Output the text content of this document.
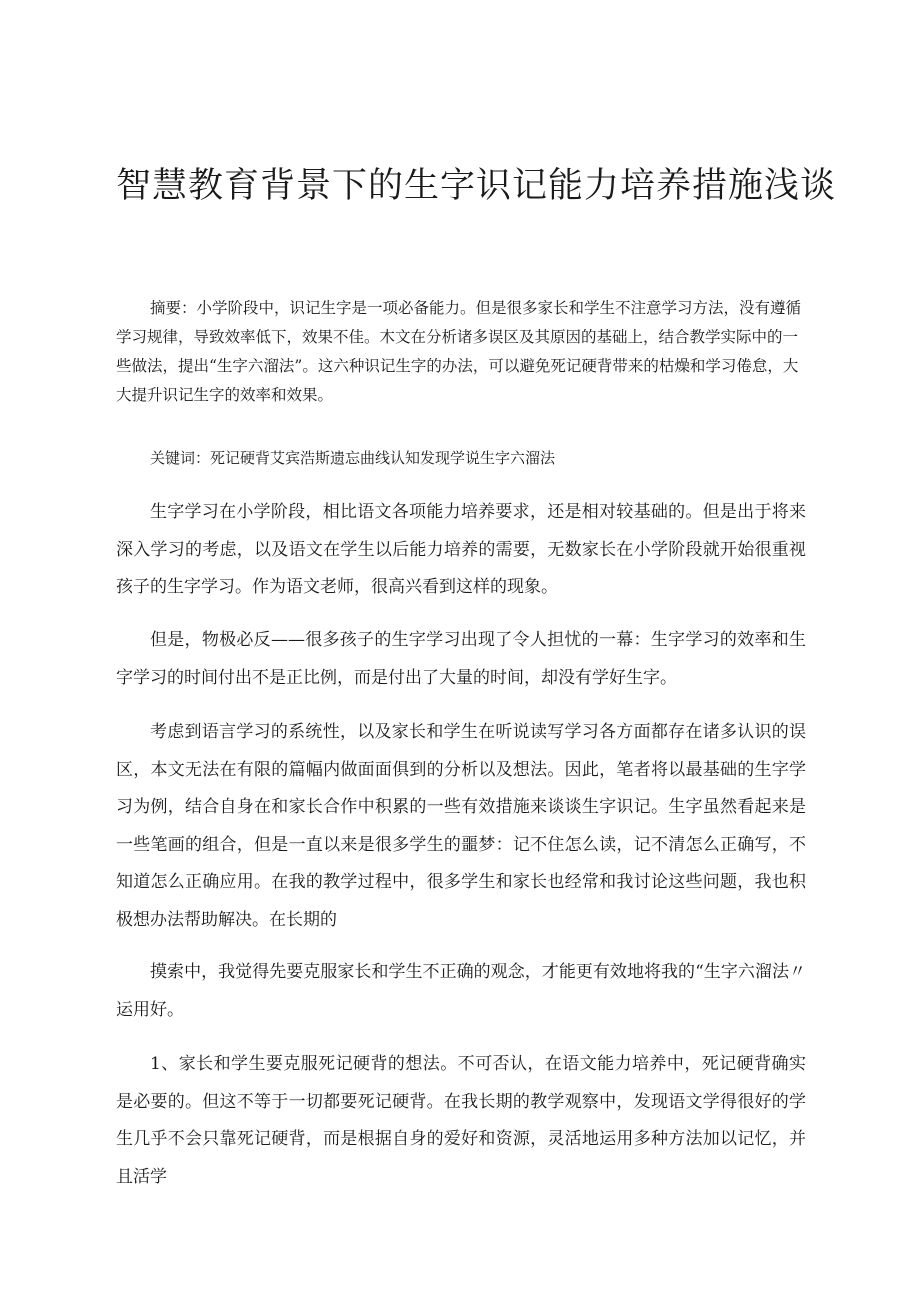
智慧教育背景下的生字识记能力培养措施浅谈

摘要：小学阶段中，识记生字是一项必备能力。但是很多家长和学生不注意学习方法，没有遵循学习规律，导致效率低下，效果不佳。木文在分析诸多误区及其原因的基础上，结合教学实际中的一些做法，提出“生字六溜法”。这六种识记生字的办法，可以避免死记硬背带来的枯燥和学习倦怠，大大提升识记生字的效率和效果。

关键词：死记硬背艾宾浩斯遗忘曲线认知发现学说生字六溜法

生字学习在小学阶段，相比语文各项能力培养要求，还是相对较基础的。但是出于将来深入学习的考虑，以及语文在学生以后能力培养的需要，无数家长在小学阶段就开始很重视孩子的生字学习。作为语文老师，很高兴看到这样的现象。

但是，物极必反——很多孩子的生字学习出现了令人担忧的一幕：生字学习的效率和生字学习的时间付出不是正比例，而是付出了大量的时间，却没有学好生字。

考虑到语言学习的系统性，以及家长和学生在听说读写学习各方面都存在诸多认识的误区，本文无法在有限的篇幅内做面面俱到的分析以及想法。因此，笔者将以最基础的生字学习为例，结合自身在和家长合作中积累的一些有效措施来谈谈生字识记。生字虽然看起来是一些笔画的组合，但是一直以来是很多学生的噩梦：记不住怎么读，记不清怎么正确写，不知道怎么正确应用。在我的教学过程中，很多学生和家长也经常和我讨论这些问题，我也积极想办法帮助解决。在长期的

摸索中，我觉得先要克服家长和学生不正确的观念，才能更有效地将我的“生字六溜法〃运用好。

1、家长和学生要克服死记硬背的想法。不可否认，在语文能力培养中，死记硬背确实是必要的。但这不等于一切都要死记硬背。在我长期的教学观察中，发现语文学得很好的学生几乎不会只靠死记硬背，而是根据自身的爱好和资源，灵活地运用多种方法加以记忆，并且活学
